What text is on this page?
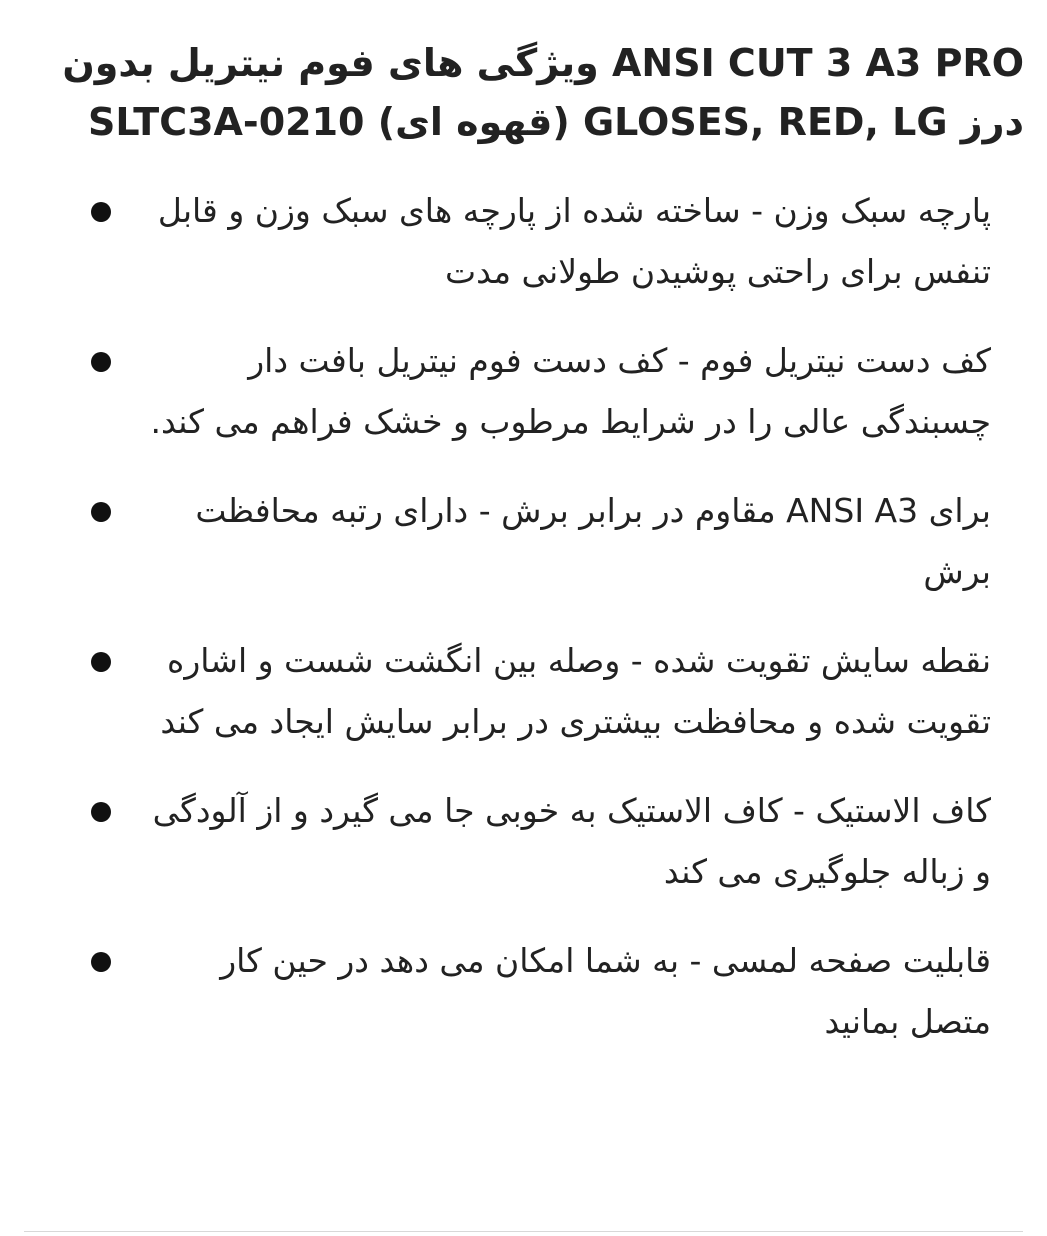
ANSI CUT 3 A3 PRO ویژگی های فوم نیتریل بدون درز GLOSES, RED, LG (قهوه ای) SLTC3A-0210
پارچه سبک وزن - ساخته شده از پارچه های سبک وزن و قابل تنفس برای راحتی پوشیدن طولانی مدت
کف دست نیتریل فوم - کف دست فوم نیتریل بافت دار چسبندگی عالی را در شرایط مرطوب و خشک فراهم می کند.
برای ANSI A3 مقاوم در برابر برش - دارای رتبه محافظت برش
نقطه سایش تقویت شده - وصله بین انگشت شست و اشاره تقویت شده و محافظت بیشتری در برابر سایش ایجاد می کند
کاف الاستیک - کاف الاستیک به خوبی جا می گیرد و از آلودگی و زباله جلوگیری می کند
قابلیت صفحه لمسی - به شما امکان می دهد در حین کار متصل بمانید
